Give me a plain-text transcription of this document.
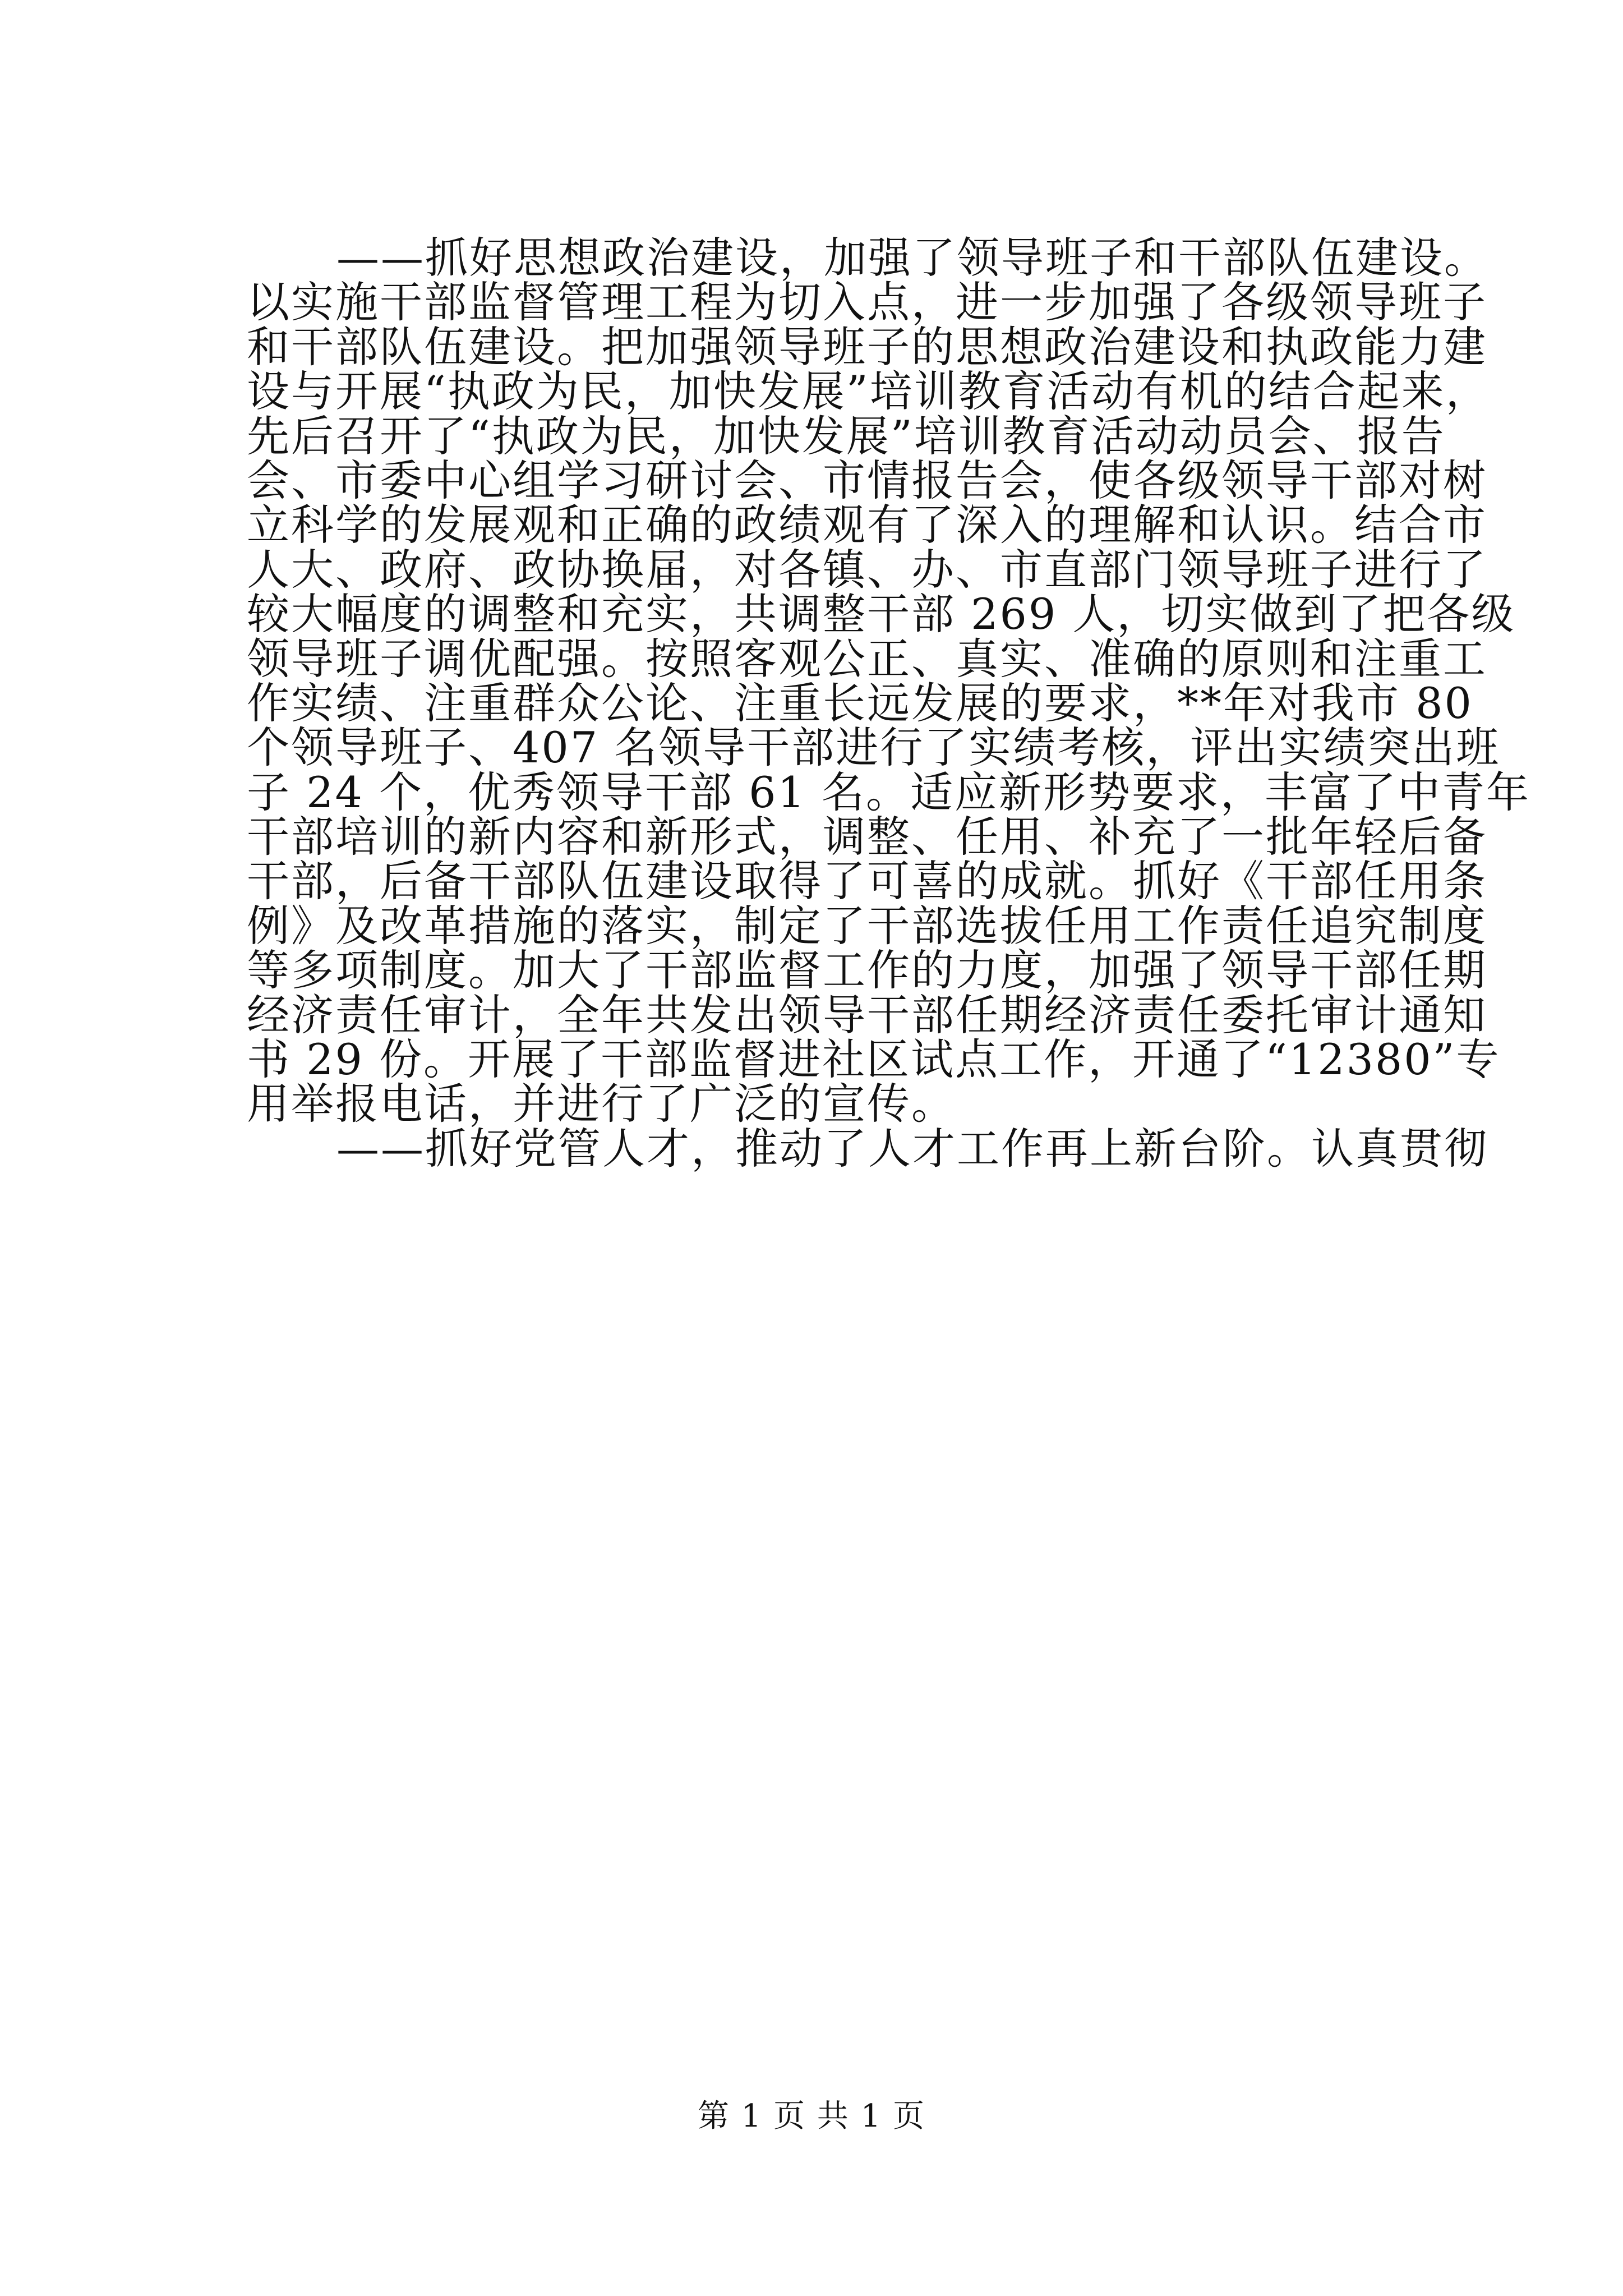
——抓好思想政治建设，加强了领导班子和干部队伍建设。
以实施干部监督管理工程为切入点，进一步加强了各级领导班子
和干部队伍建设。把加强领导班子的思想政治建设和执政能力建
设与开展“执政为民，加快发展”培训教育活动有机的结合起来，
先后召开了“执政为民，加快发展”培训教育活动动员会、报告
会、市委中心组学习研讨会、市情报告会，使各级领导干部对树
立科学的发展观和正确的政绩观有了深入的理解和认识。结合市
人大、政府、政协换届，对各镇、办、市直部门领导班子进行了
较大幅度的调整和充实，共调整干部 269 人，切实做到了把各级
领导班子调优配强。按照客观公正、真实、准确的原则和注重工
作实绩、注重群众公论、注重长远发展的要求，**年对我市 80
个领导班子、407 名领导干部进行了实绩考核，评出实绩突出班
子 24 个，优秀领导干部 61 名。适应新形势要求，丰富了中青年
干部培训的新内容和新形式，调整、任用、补充了一批年轻后备
干部，后备干部队伍建设取得了可喜的成就。抓好《干部任用条
例》及改革措施的落实，制定了干部选拔任用工作责任追究制度
等多项制度。加大了干部监督工作的力度，加强了领导干部任期
经济责任审计，全年共发出领导干部任期经济责任委托审计通知
书 29 份。开展了干部监督进社区试点工作，开通了“12380”专
用举报电话，并进行了广泛的宣传。
——抓好党管人才，推动了人才工作再上新台阶。认真贯彻
第 1 页 共 1 页
